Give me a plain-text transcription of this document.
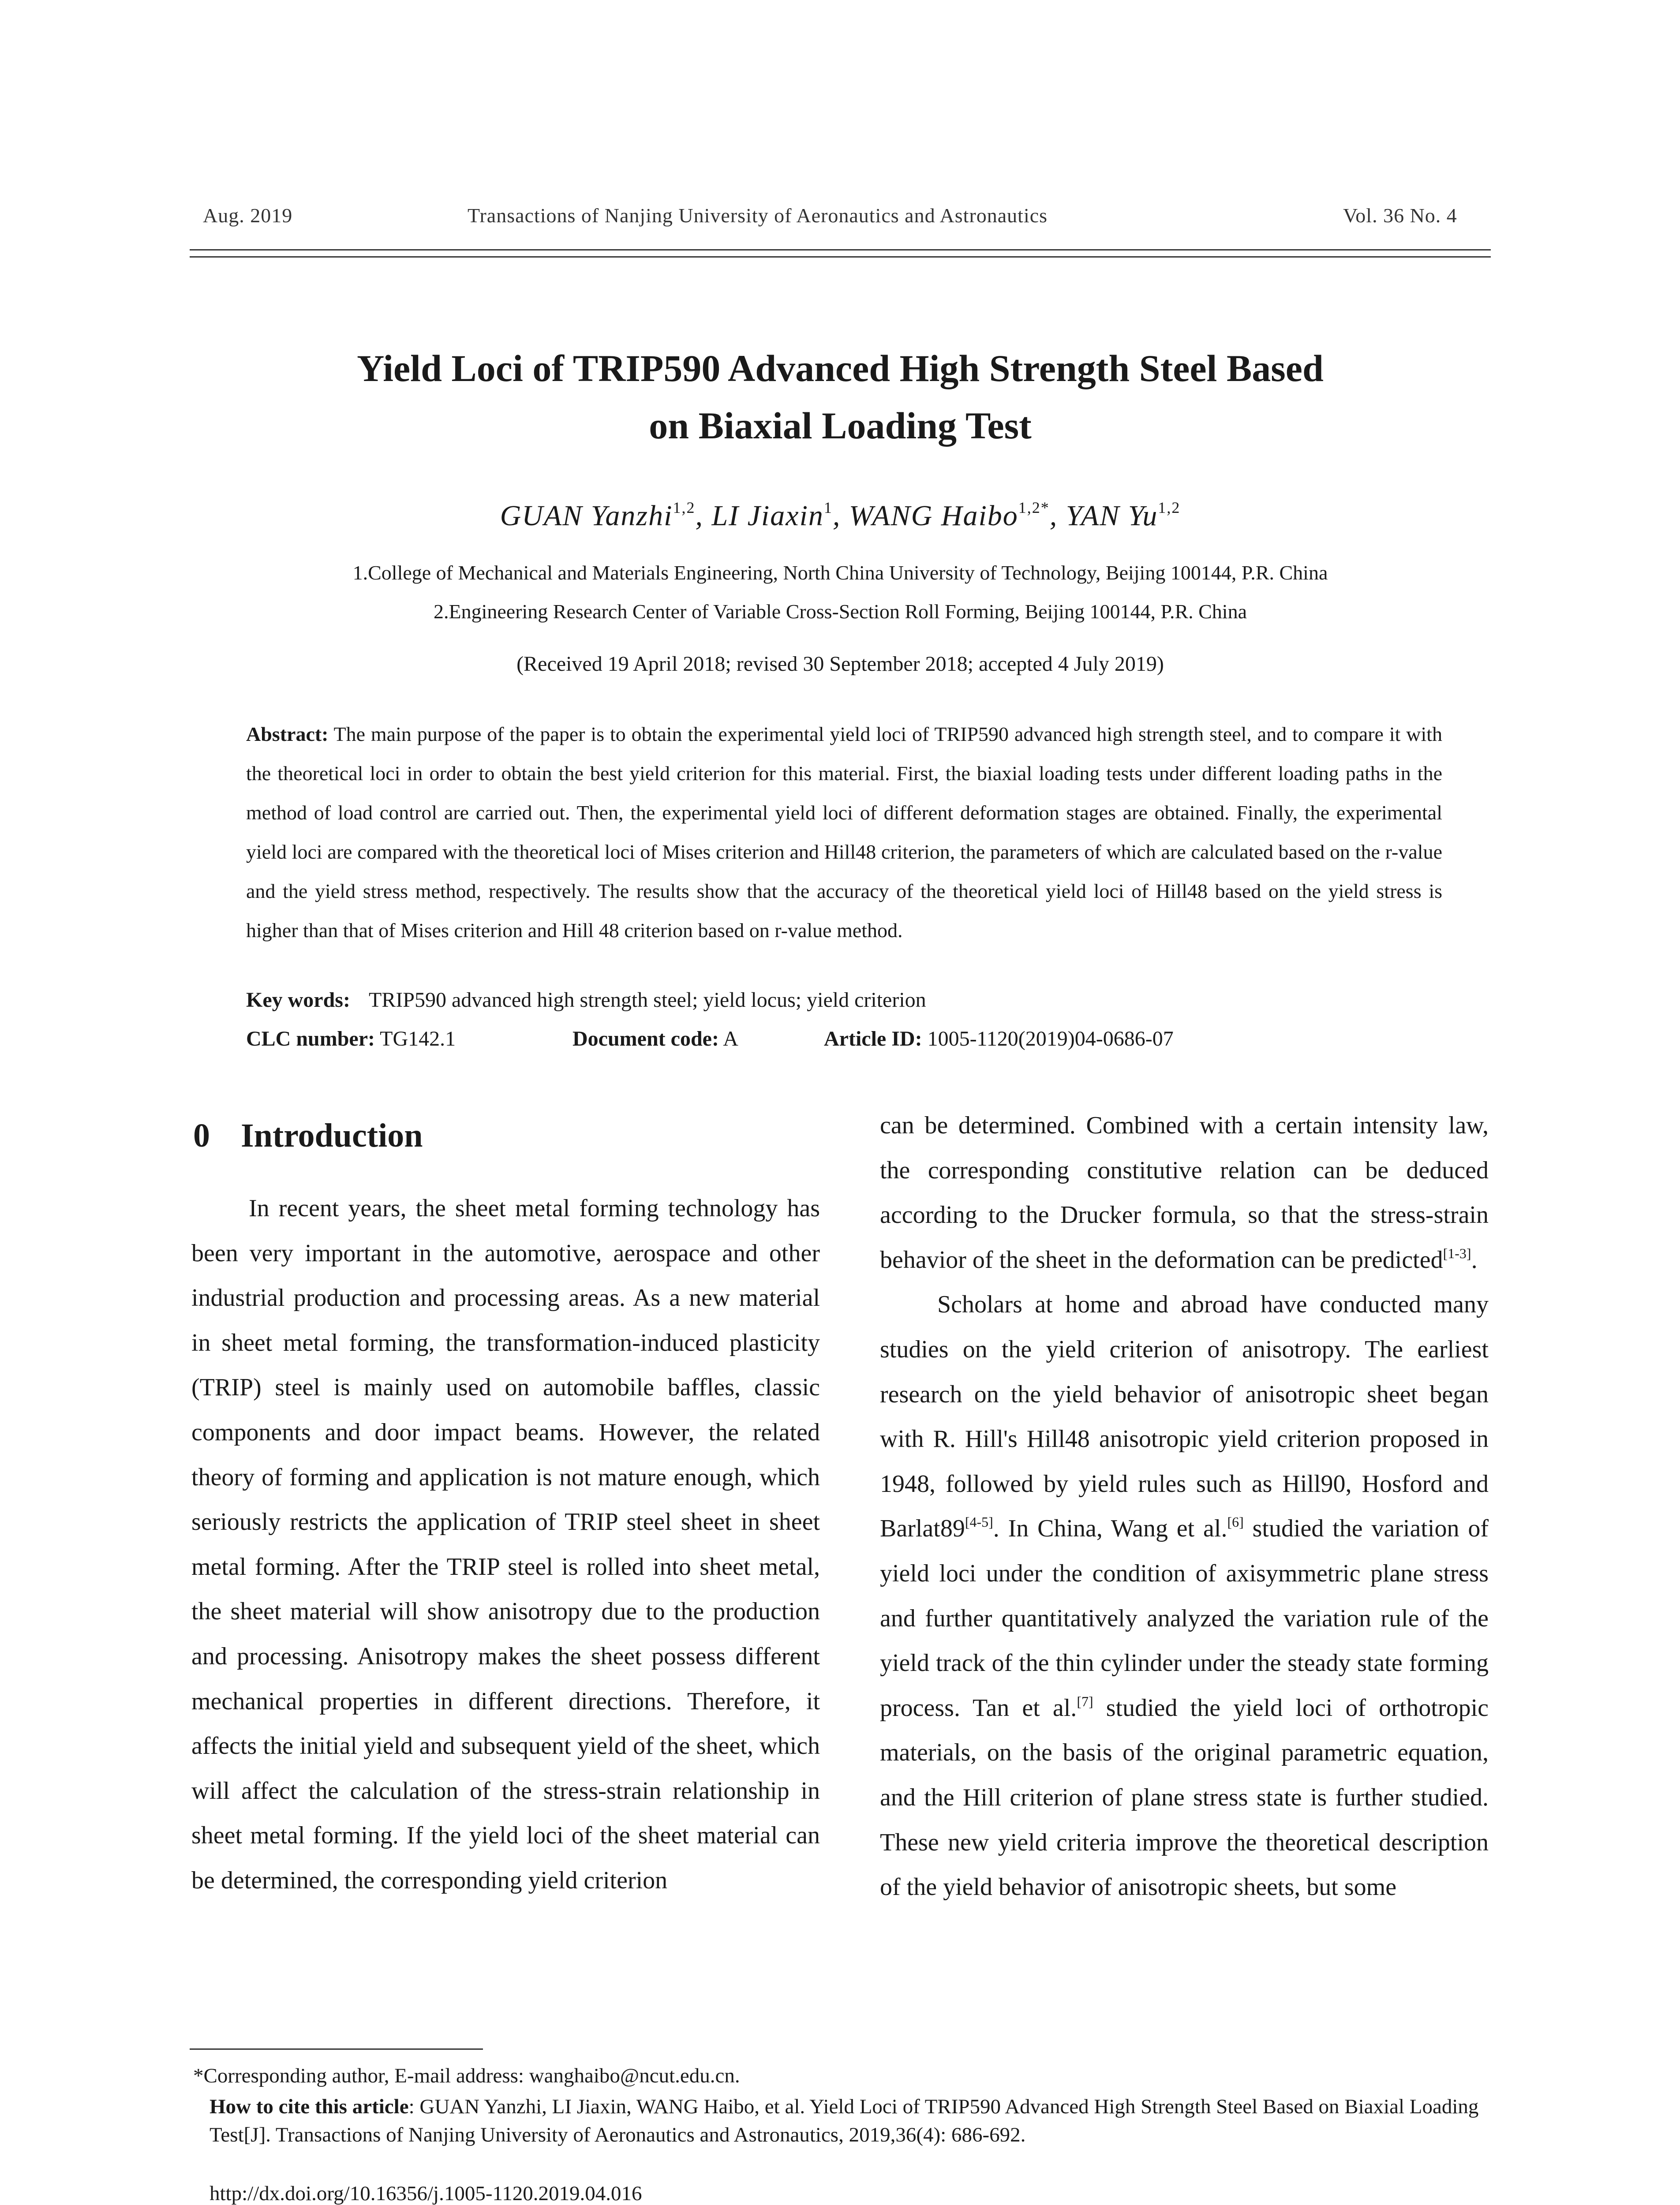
Aug. 2019	Transactions of Nanjing University of Aeronautics and Astronautics	Vol. 36 No. 4
Yield Loci of TRIP590 Advanced High Strength Steel Based
on Biaxial Loading Test
GUAN Yanzhi$^{1,2}$, LI Jiaxin$^1$, WANG Haibo$^{1,2*}$, YAN Yu$^{1,2}$
1.College of Mechanical and Materials Engineering, North China University of Technology, Beijing 100144, P.R. China
2.Engineering Research Center of Variable Cross-Section Roll Forming, Beijing 100144, P.R. China
(Received 19 April 2018; revised 30 September 2018; accepted 4 July 2019)
Abstract: The main purpose of the paper is to obtain the experimental yield loci of TRIP590 advanced high strength steel, and to compare it with the theoretical loci in order to obtain the best yield criterion for this material. First, the biaxial loading tests under different loading paths in the method of load control are carried out. Then, the experimental yield loci of different deformation stages are obtained. Finally, the experimental yield loci are compared with the theoretical loci of Mises criterion and Hill48 criterion, the parameters of which are calculated based on the r-value and the yield stress method, respectively. The results show that the accuracy of the theoretical yield loci of Hill48 based on the yield stress is higher than that of Mises criterion and Hill 48 criterion based on r-value method.
Key words: TRIP590 advanced high strength steel; yield locus; yield criterion
CLC number: TG142.1	Document code: A	Article ID: 1005-1120(2019)04-0686-07
0 Introduction

In recent years, the sheet metal forming technology has been very important in the automotive, aerospace and other industrial production and processing areas. As a new material in sheet metal forming, the transformation-induced plasticity (TRIP) steel is mainly used on automobile baffles, classic components and door impact beams. However, the related theory of forming and application is not mature enough, which seriously restricts the application of TRIP steel sheet in sheet metal forming. After the TRIP steel is rolled into sheet metal, the sheet material will show anisotropy due to the production and processing. Anisotropy makes the sheet possess different mechanical properties in different directions. Therefore, it affects the initial yield and subsequent yield of the sheet, which will affect the calculation of the stress-strain relationship in sheet metal forming. If the yield loci of the sheet material can be determined, the corresponding yield criterion

can be determined. Combined with a certain intensity law, the corresponding constitutive relation can be deduced according to the Drucker formula, so that the stress-strain behavior of the sheet in the deformation can be predicted[1-3].

Scholars at home and abroad have conducted many studies on the yield criterion of anisotropy. The earliest research on the yield behavior of anisotropic sheet began with R. Hill's Hill48 anisotropic yield criterion proposed in 1948, followed by yield rules such as Hill90, Hosford and Barlat89[4-5]. In China, Wang et al.[6] studied the variation of yield loci under the condition of axisymmetric plane stress and further quantitatively analyzed the variation rule of the yield track of the thin cylinder under the steady state forming process. Tan et al.[7] studied the yield loci of orthotropic materials, on the basis of the original parametric equation, and the Hill criterion of plane stress state is further studied. These new yield criteria improve the theoretical description of the yield behavior of anisotropic sheets, but some

*Corresponding author, E-mail address: wanghaibo@ncut.edu.cn.
How to cite this article: GUAN Yanzhi, LI Jiaxin, WANG Haibo, et al. Yield Loci of TRIP590 Advanced High Strength Steel Based on Biaxial Loading Test[J]. Transactions of Nanjing University of Aeronautics and Astronautics, 2019,36(4): 686-692.
http://dx.doi.org/10.16356/j.1005-1120.2019.04.016
